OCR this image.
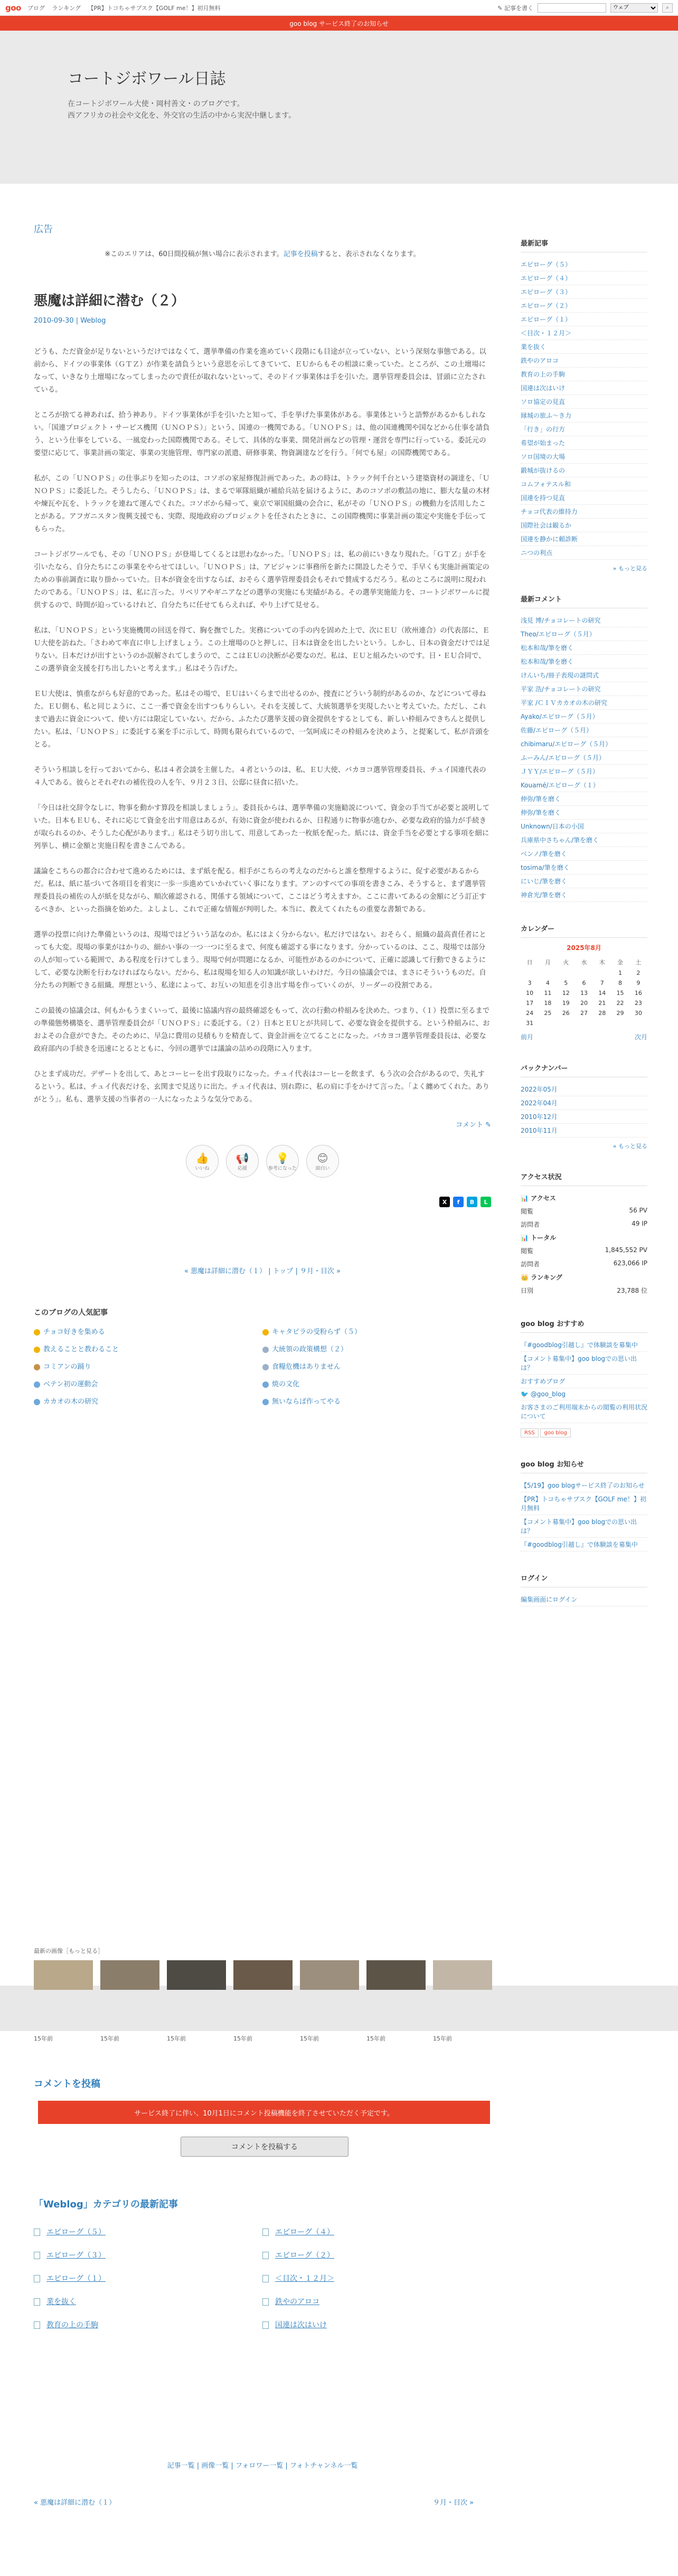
goo ブログ ランキング 【PR】トコちゃサプスク【GOLF me！】初月無料	✎ 記事を書く
ウェブ	⌕
goo blog サービス終了のお知らせ
コートジボワール日誌
在コートジボワール大使・岡村善文・のブログです。
西アフリカの社会や文化を、外交官の生活の中から実況中継します。
広告
※このエリアは、60日間投稿が無い場合に表示されます。記事を投稿すると、表示されなくなります。
悪魔は詳細に潜む（２）
2010-09-30 | Weblog

どうも、ただ資金が足りないというだけではなくて、選挙準備の作業を進めていく段階にも目途が立っていない、という深刻な事態である。以前から、ドイツの事業体（ＧＴＺ）が作業を請負うという意思を示してきていて、ＥＵからもその相談に乗っていた。ところが、この土壇場になって、いきなり土壇場になってしまったので責任が取れないといって、そのドイツ事業体は手を引いた。選挙管理委員会は、冒頭に立たされている。

ところが捨てる神あれば、拾う神あり。ドイツ事業体が手を引いたと知って、手を挙げた事業体がある。事業体というと語弊があるかもしれない。「国連プロジェクト・サービス機関（ＵＮＯＰＳ）」という、国連の一機関である。「ＵＮＯＰＳ」は、他の国連機関や国などから仕事を請負う、という仕事をしている、一風変わった国際機関である。そして、具体的な事業、開発計画などの管理・運営を専門に行っている。委託元の要望に応じて、事業計画の策定、事業の実施管理、専門家の派遣、研修事業、物資調達などを行う。「何でも屋」の国際機関である。

私が、この「ＵＮＯＰＳ」の仕事ぶりを知ったのは、コソボの家屋修復計画であった。あの時は、トラック何千台という建築資材の調達を、「ＵＮＯＰＳ」に委託した。そうしたら、「ＵＮＯＰＳ」は、まるで軍隊組織が補給兵站を届けるように、あのコソボの敷詰の地に、膨大な量の木材や煉瓦や瓦を、トラックを連ねて運んでくれた。コソボから帰って、東京で軍国組織の会合に、私がその「ＵＮＯＰＳ」の機動力を活用したことがある。アフガニスタン復興支援でも、実際、現地政府のプロジェクトを任されたときに、この国際機関に事業計画の策定や実施を手伝ってもらった。

コートジボワールでも、その「ＵＮＯＰＳ」が登場してくるとは思わなかった。「ＵＮＯＰＳ」は、私の前にいきなり現れた。「ＧＴＺ」が手を引いたなら、自分たちにこの事業をやらせてほしい。「ＵＮＯＰＳ」は、アビジャンに事務所を新たに開設したそうで、手早くも実施計画策定のための事前調査に取り掛かっていた。日本が資金を出すならば、おそらく選挙管理委員会もそれで賛成するだろう。私のところに説明に現われたのである。「ＵＮＯＰＳ」は、私に言った。リベリアやギニアなどの選挙の実施にも実績がある。その選挙実施能力を、コートジボワールに提供するので、時間が迫っているけれど、自分たちに任せてもらえれば、やり上げて見せる。

私は、「ＵＮＯＰＳ」という実施機関の回送を得て、胸を撫でした。実務についての手の内を固めた上で、次にＥＵ（欧州連合）の代表部に、ＥＵ大使を訪ねた。「さわめて率直に申し上げましょう。この土壇場のひと押しに、日本は資金を出したいという。しかし、日本の資金だけでは足りない。日本だけが出すというのか誤解されてしまうので、ここはＥＵの決断が必要なのだ。私は、ＥＵと組みたいのです。日・ＥＵ合同で、この選挙資金支援を打ち出したいと考えます。」私はそう告げた。

ＥＵ大使は、慎重ながらも好意的であった。私はその場で、ＥＵはいくらまで出せるのか、捜査にどういう制約があるのか、などについて尋ねた。ＥＵ側も、私と同じように、ここ一番で資金を出すつもりらしい。それを支援して、大統領選挙を実現したいと考えていた。ただし、これまで過去に資金について、使い方には限定していない。だから、ふたたび選挙支援の資金提供をするとしても、新しい枠組みできちんと提供したい。私は、「ＵＮＯＰＳ」に委託する案を手に示して、時間も限られているので、一気呵成にその枠組みを決めよう、と提案して、私が音頭をとる。

そういう相談しを行っておいてから、私は４者会談を主催した。４者というのは、私、ＥＵ大使、バカヨコ選挙管理委員長、チュイ国連代表の４人である。彼らとそれぞれの補佐役の人を午、９月２３日、公邸に昼食に招いた。

「今日は社交辞令なしに、物事を動かす算段を相談しましょう」。委員長からは、選挙準備の実施勧説について、資金の手当てが必要と説明していた。日本もＥＵも、それに応じて資金を出す用意はあるが、有効に資金が使われるか、日程通りに物事が進むか、必要な政府的協力が手続きが取られるのか、そうした心配があります。」私はそう切り出して、用意してあった一枚紙を配った。紙には、資金手当を必要とする事項を細に列挙し、横に金額と実施日程を書きこんである。

議論をこちらの都合に合わせて進めるためには、まず紙を配る。相手がこちらの考えなのだからと誰を整理するように、促す必要があるからだ。私は、紙に基づいて各項目を着実に一歩一歩進めていかれていく事になります。アンのすべての事項を書きこみ、そうすると、まず選挙管理委員長の補佐の人が紙を見ながら、順次確認される、関係する領域について、ここはどう考えますか。ここに書いてあるの金額にどう訂正するべきか、といった指摘を始めた。よしよし、これで正確な情報が判明した。本当に、教えてくれたもの重要な書類である。

選挙の投票に向けた準備というのは、現場ではどういう話なのか。私にはよく分からない。私だけではない。おそらく、組織の最高責任者にとっても大変。現場の事業がはかりの、細かい事の一つ一つに至るまで、何度も確認する事になります。分かっているのは、ここ、現場では部分の人が知っている範囲で、ある程度を行けてしまう。現場で何が問題になるか、可能性があるのかについて、正確に認識して行動できるようにして、必要な決断を行わなければならない。だから、私は現場を知る人の知識が欲しいわけだ。今日の協議会では、まさにそういうものだ。自分たちの判断できる組織。理想という、私達によって、お互いの知恵を引き出す場を作っていくのが、リーダーの役割である。

この最後の協議会は、何もかもうまくいって、最後に協議内容の最終確認をもって、次の行動の枠組みを決めた。つまり、（１）投票に至るまでの準備態勢構築を、選挙管理委員会が「ＵＮＯＰＳ」に委託する。（２）日本とＥＵとが共同して、必要な資金を提供する。という枠組みに、おおよその合意ができた。そのために、早急に費用の見積もりを精査して、資金計画を立てることになった。バカヨコ選挙管理委員長は、必要な政府部内の手続きを迅速にとるとともに、今回の選挙では議論の詰めの段階に入ります。

ひとまず成功だ。デザートを出して、あとコーヒーを出す段取りになった。チュイ代表はコーヒーを飲まず、もう次の会合があるので、失礼するという。私は、チュイ代表だけを、玄関まで見送りに出た。チュイ代表は、別れ際に、私の肩に手をかけて言った。「よく纏めてくれた。ありがとう」。私も、選挙支援の当事者の一人になったような気分である。

コメント ✎
👍
いいね
📢
応援
💡
参考になった
😊
面白い
X	f	B	L
« 悪魔は詳細に潜む（１） | トップ | ９月・目次 »
このブログの人気記事
チョコ好きを集める	キャタピラの受粉らず（５）
教えることと教わること	大統領の政策構想（２）
コミアンの踊り	食糧危機はありません
ベテン初の運動会	焼の文化
カカオの木の研究	無いならば作ってやる
最新の画像［もっと見る］
15年前	15年前	15年前	15年前	15年前	15年前	15年前
コメントを投稿
サービス終了に伴い、10月1日にコメント投稿機能を終了させていただく予定です。
コメントを投稿する
「Weblog」カテゴリの最新記事
エピローグ（５）	エピローグ（４）
エピローグ（３）	エピローグ（２）
エピローグ（１）	＜目次・１２月＞
業を抜く	鉄やのアロコ
教育の上の手駒	国連は次はいけ
記事一覧 | 画像一覧 | フォロワー一覧 | フォトチャンネル一覧
« 悪魔は詳細に潜む（１）	９月・目次 »
最新記事
エピローグ（５）
エピローグ（４）
エピローグ（３）
エピローグ（２）
エピローグ（１）
＜目次・１２月＞
業を抜く
鉄やのアロコ
教育の上の手駒
国連は次はいけ
ソロ協定の見直
縁城の旅ふ〜き力
「行き」の行方
希望が始まった
ソロ国境の大場
鍛城が抜けるの
コムフォテスル和
国連を持つ見直
チョコ代表の維持力
国際社会は観るか
国連を静かに頼診断
ニつの利点
» もっと見る
最新コメント
浅見 博/チョコレートの研究
Theo/エピローグ（５月）
松本和哉/筆を磨く
松本和哉/筆を磨く
けんいち/冊子表現の謎問式
平家 浩/チョコレートの研究
平家 /ＣＩＶカカオの木の研究
Ayako/エピローグ（５月）
佐藤/エピローグ（５月）
chibimaru/エピローグ（５月）
ふーみん/エピローグ（５月）
ＪＹＹ/エピローグ（５月）
Kouamé/エピローグ（１）
伸弥/筆を磨く
伸弥/筆を磨く
Unknown/日本の小国
兵庫県中さちゃん/筆を磨く
ベンノ/筆を磨く
tosima/筆を磨く
にいじ/筆を磨く
神倉光/筆を磨く
カレンダー
2025年8月
日	月	火	水	木	金	土
					1	2
3	4	5	6	7	8	9
10	11	12	13	14	15	16
17	18	19	20	21	22	23
24	25	26	27	28	29	30
31						
前月	次月
バックナンバー
2022年05月
2022年04月
2010年12月
2010年11月
» もっと見る
アクセス状況
📊 アクセス
閲覧	56 PV
訪問者	49 IP
📊 トータル
閲覧	1,845,552 PV
訪問者	623,066 IP
👑 ランキング
日別	23,788 位
goo blog おすすめ
『#goodblog引越し』で体験談を募集中
【コメント募集中】goo blogでの思い出は？
おすすめブログ
🐦 @goo_blog
お客さまのご利用端末からの閲覧の利用状況について
RSS goo blog
goo blog お知らせ
【5/19】goo blogサービス終了のお知らせ
【PR】トコちゃサプスク【GOLF me！】初月無料
【コメント募集中】goo blogでの思い出は？
『#goodblog引越し』で体験談を募集中
ログイン
編集画面にログイン
